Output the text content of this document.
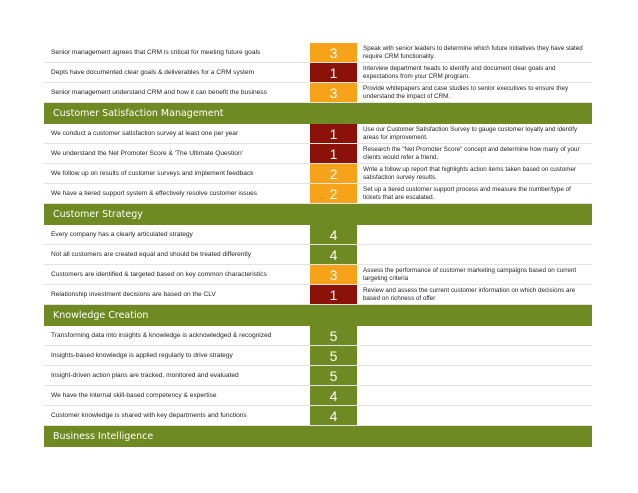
Senior management agrees that CRM is critical for meeting future goals	3	Speak with senior leaders to determine which future initiatives they have slated require CRM functionality.
Depts have documented clear goals & deliverables for a CRM system	1	Interview department heads to identify and document clear goals and expectations from your CRM program.
Senior management understand CRM and how it can benefit the business	3	Provide whitepapers and case studies to senior executives to ensure they understand the impact of CRM.
Customer Satisfaction Management
We conduct a customer satisfaction survey at least one per year	1	Use our Customer Satisfaction Survey to gauge customer loyalty and identify areas for improvement.
We understand the Net Promoter Score & 'The Ultimate Question'	1	Research the "Net Promoter Score" concept and determine how many of your clients would refer a friend.
We follow up on results of customer surveys and implement feedback	2	Write a follow up report that highlights action items taken based on customer satisfaction survey results.
We have a tiered support system & effectively resolve customer issues	2	Set up a tiered customer support process and measure the number/type of tickets that are escalated.
Customer Strategy
Every company has a clearly articulated strategy	4
Not all customers are created equal and should be treated differently	4
Customers are identified & targeted based on key common characteristics	3	Assess the performance of customer marketing campaigns based on current targeting criteria
Relationship investment decisions are based on the CLV	1	Review and assess the current customer information on which decisions are based on richness of offer
Knowledge Creation
Transforming data into insights & knowledge is acknowledged & recognized	5
Insights-based knowledge is applied regularly to drive strategy	5
Insight-driven action plans are tracked, monitored and evaluated	5
We have the internal skill-based competency & expertise	4
Customer knowledge is shared with key departments and functions	4
Business Intelligence
